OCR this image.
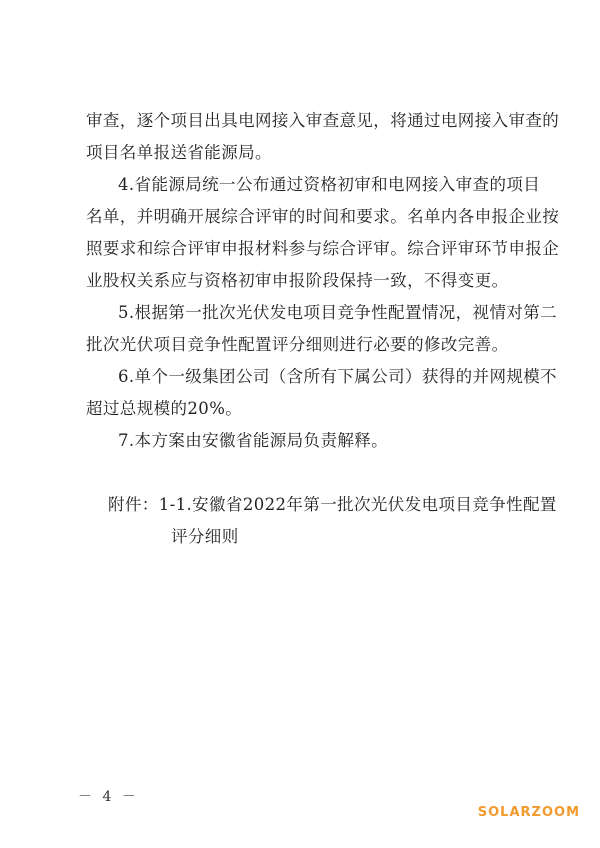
审查，逐个项目出具电网接入审查意见，将通过电网接入审查的
项目名单报送省能源局。
4.省能源局统一公布通过资格初审和电网接入审查的项目
名单，并明确开展综合评审的时间和要求。名单内各申报企业按
照要求和综合评审申报材料参与综合评审。综合评审环节申报企
业股权关系应与资格初审申报阶段保持一致，不得变更。
5.根据第一批次光伏发电项目竞争性配置情况，视情对第二
批次光伏项目竞争性配置评分细则进行必要的修改完善。
6.单个一级集团公司（含所有下属公司）获得的并网规模不
超过总规模的20%。
7.本方案由安徽省能源局负责解释。
附件：1-1.安徽省2022年第一批次光伏发电项目竞争性配置
评分细则
－ 4 －
SOLARZOOM
